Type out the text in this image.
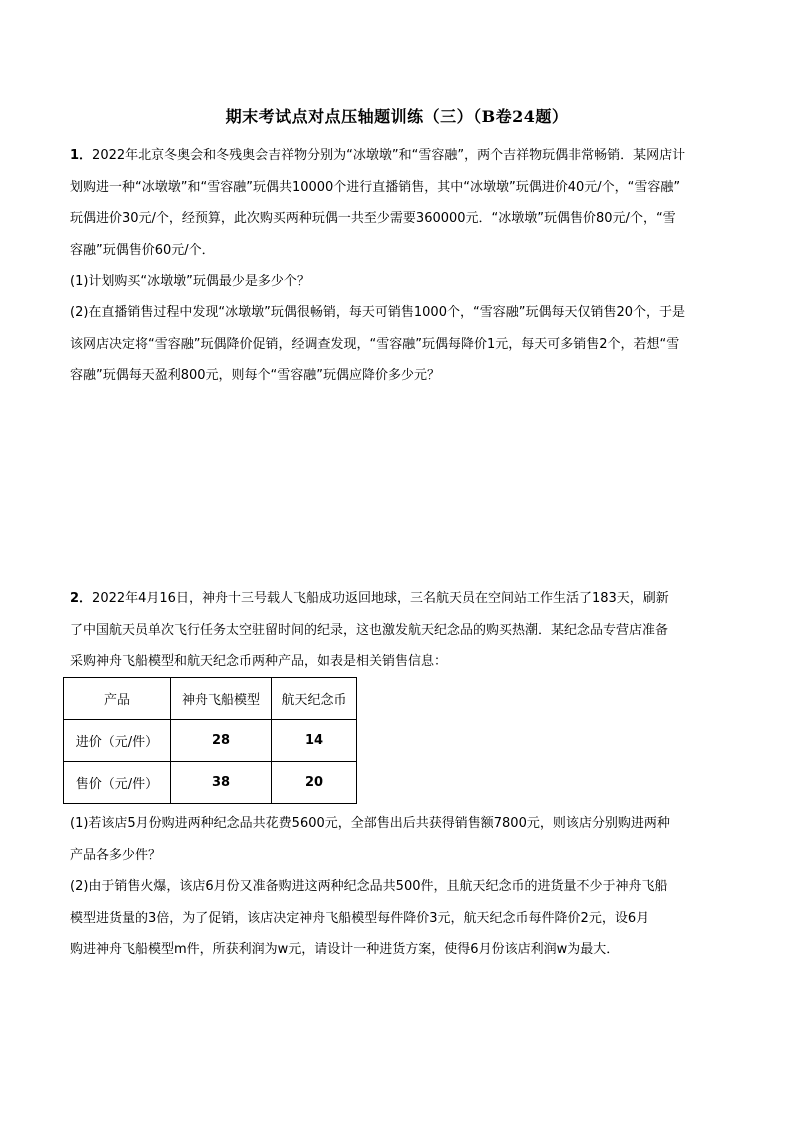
期末考试点对点压轴题训练（三）（B卷24题）
1．2022年北京冬奥会和冬残奥会吉祥物分别为“冰墩墩”和“雪容融”，两个吉祥物玩偶非常畅销．某网店计
划购进一种“冰墩墩”和“雪容融”玩偶共10000个进行直播销售，其中“冰墩墩”玩偶进价40元/个，“雪容融”
玩偶进价30元/个，经预算，此次购买两种玩偶一共至少需要360000元．“冰墩墩”玩偶售价80元/个，“雪
容融”玩偶售价60元/个．
(1)计划购买“冰墩墩”玩偶最少是多少个？
(2)在直播销售过程中发现“冰墩墩”玩偶很畅销，每天可销售1000个，“雪容融”玩偶每天仅销售20个，于是
该网店决定将“雪容融”玩偶降价促销，经调查发现，“雪容融”玩偶每降价1元，每天可多销售2个，若想“雪
容融”玩偶每天盈利800元，则每个“雪容融”玩偶应降价多少元？
2．2022年4月16日，神舟十三号载人飞船成功返回地球，三名航天员在空间站工作生活了183天，刷新
了中国航天员单次飞行任务太空驻留时间的纪录，这也激发航天纪念品的购买热潮．某纪念品专营店准备
采购神舟飞船模型和航天纪念币两种产品，如表是相关销售信息：
产品	神舟飞船模型	航天纪念币
进价（元/件）	28	14
售价（元/件）	38	20
(1)若该店5月份购进两种纪念品共花费5600元，全部售出后共获得销售额7800元，则该店分别购进两种
产品各多少件？
(2)由于销售火爆，该店6月份又准备购进这两种纪念品共500件，且航天纪念币的进货量不少于神舟飞船
模型进货量的3倍，为了促销，该店决定神舟飞船模型每件降价3元，航天纪念币每件降价2元，设6月
购进神舟飞船模型m件，所获利润为w元，请设计一种进货方案，使得6月份该店利润w为最大．
